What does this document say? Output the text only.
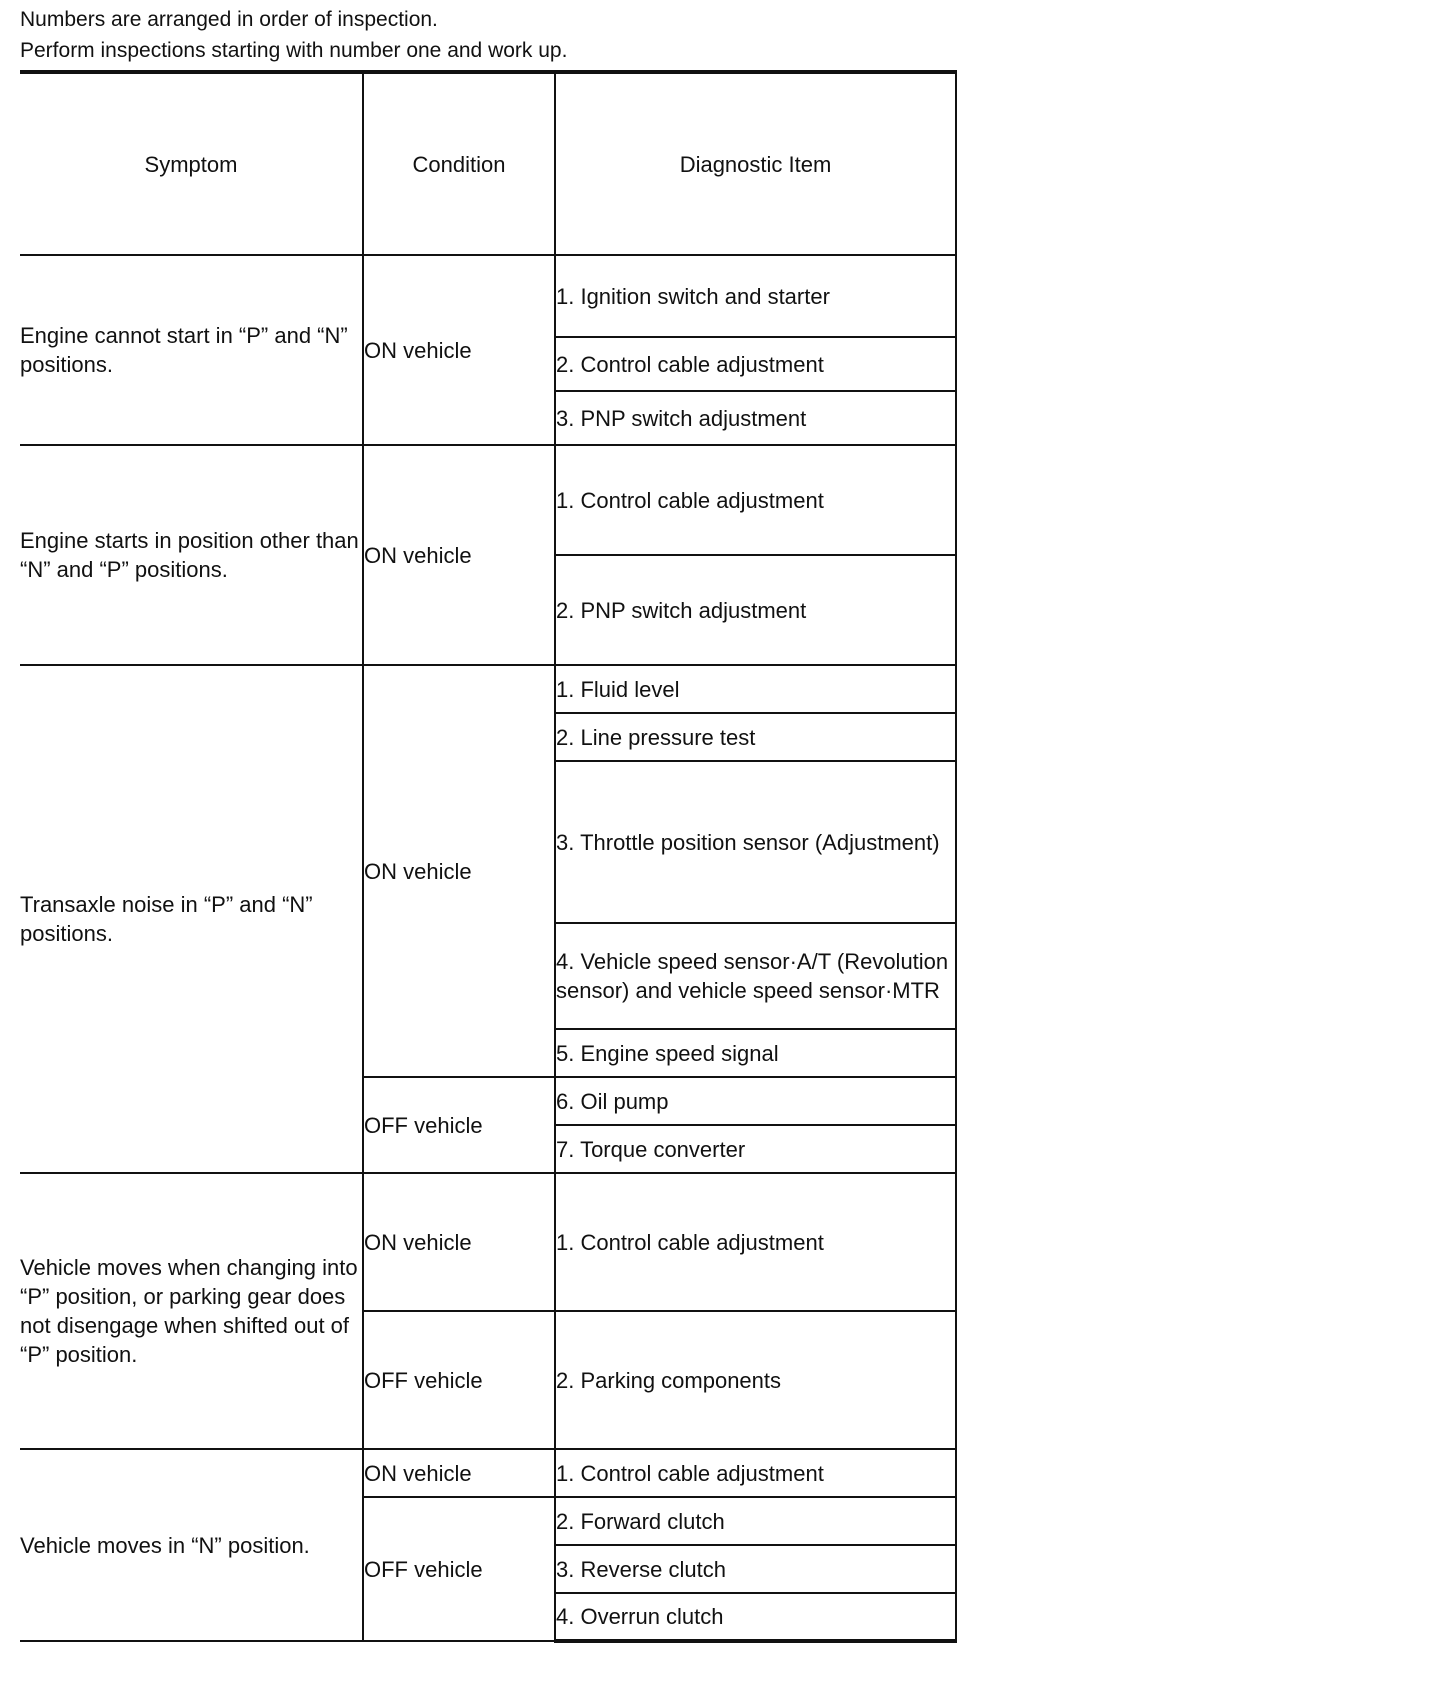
Numbers are arranged in order of inspection.
Perform inspections starting with number one and work up.
Symptom	Condition	Diagnostic Item
Engine cannot start in “P” and “N” positions.	ON vehicle	1. Ignition switch and starter
		2. Control cable adjustment
		3. PNP switch adjustment
Engine starts in position other than “N” and “P” positions.	ON vehicle	1. Control cable adjustment
		2. PNP switch adjustment
Transaxle noise in “P” and “N” positions.	ON vehicle	1. Fluid level
		2. Line pressure test
		3. Throttle position sensor (Adjustment)
		4. Vehicle speed sensor·A/T (Revolution sensor) and vehicle speed sensor·MTR
		5. Engine speed signal
	OFF vehicle	6. Oil pump
		7. Torque converter
Vehicle moves when changing into “P” position, or parking gear does not disengage when shifted out of “P” position.	ON vehicle	1. Control cable adjustment
	OFF vehicle	2. Parking components
Vehicle moves in “N” position.	ON vehicle	1. Control cable adjustment
	OFF vehicle	2. Forward clutch
		3. Reverse clutch
		4. Overrun clutch
